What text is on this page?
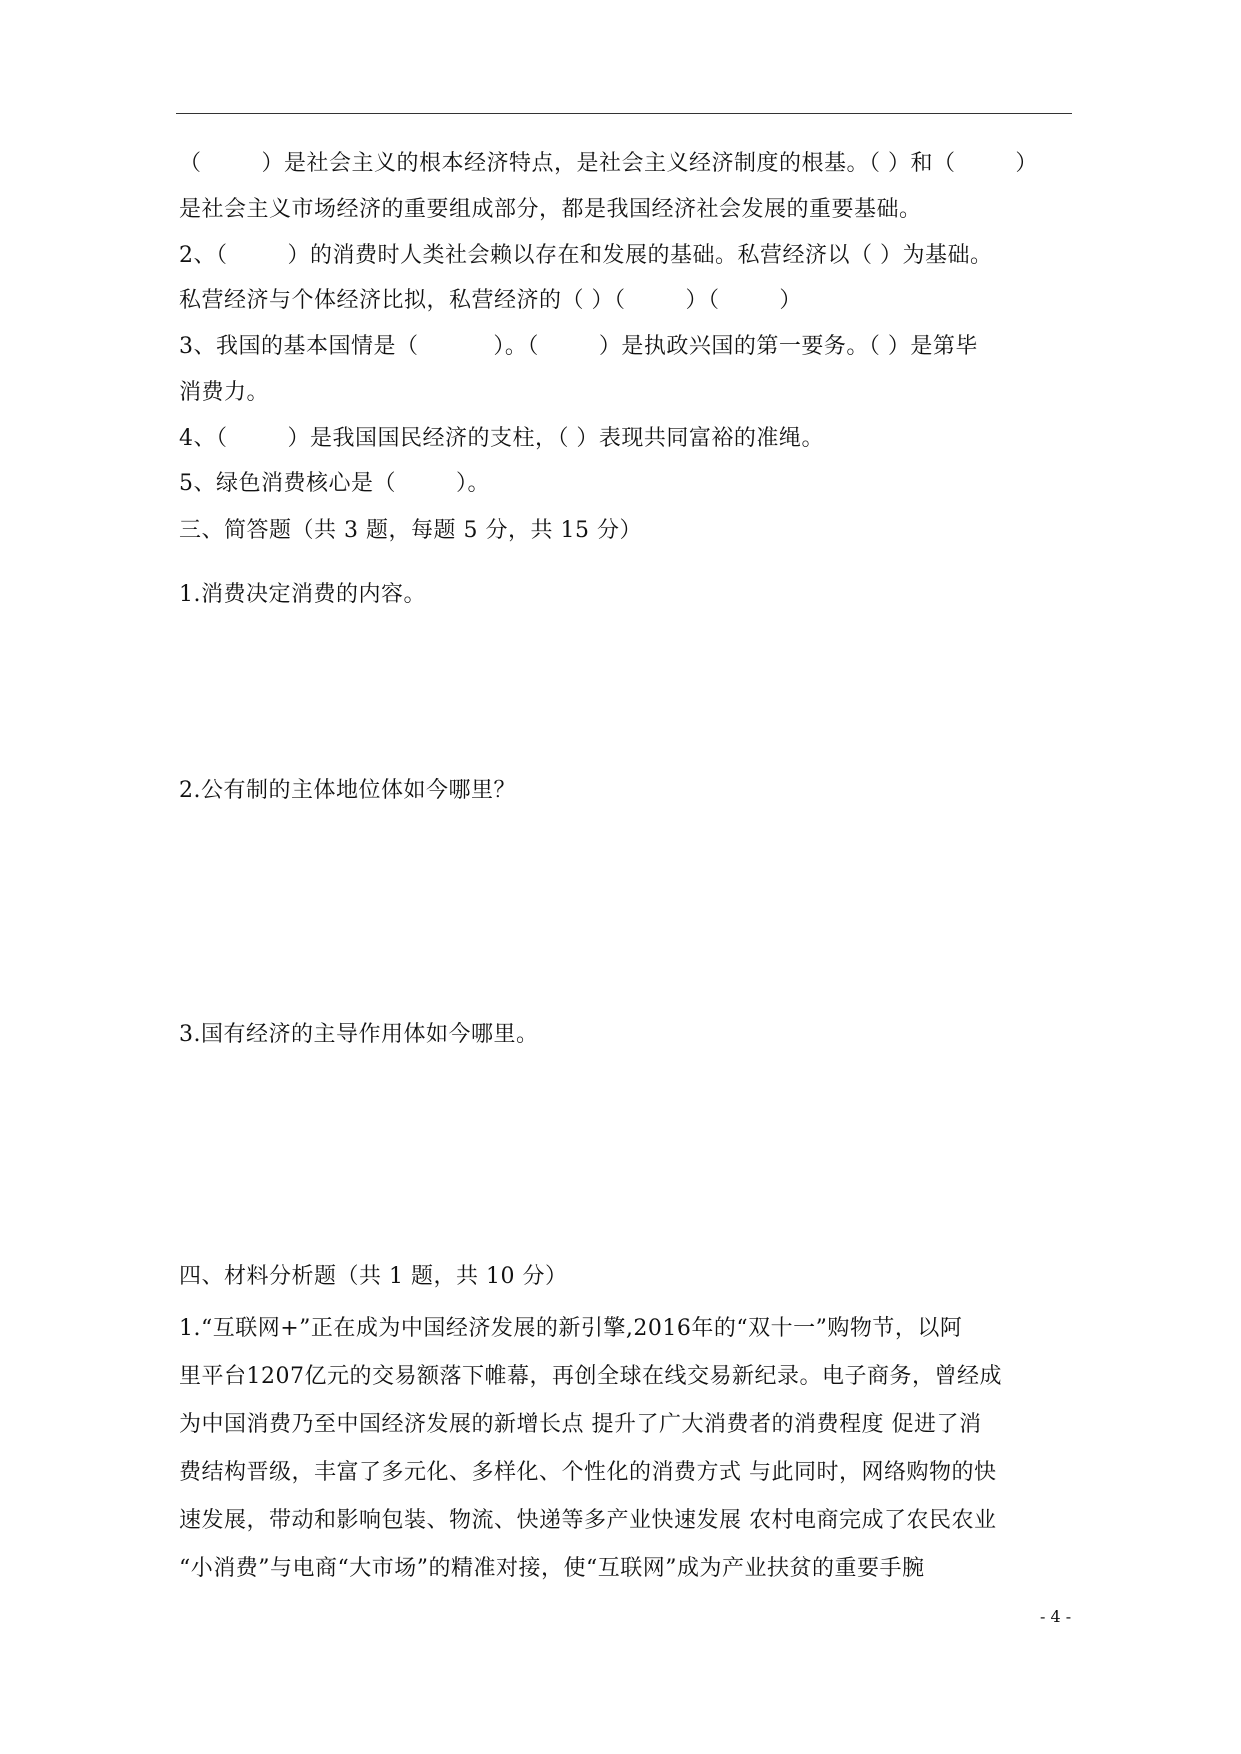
（        ）是社会主义的根本经济特点，是社会主义经济制度的根基。（ ）和（        ）
是社会主义市场经济的重要组成部分，都是我国经济社会发展的重要基础。
2、（        ）的消费时人类社会赖以存在和发展的基础。私营经济以（ ）为基础。
私营经济与个体经济比拟，私营经济的（ ）（        ）（        ）
3、我国的基本国情是（          ）。（        ）是执政兴国的第一要务。（ ）是第毕
消费力。
4、（        ）是我国国民经济的支柱，（ ）表现共同富裕的准绳。
5、绿色消费核心是（        ）。
三、简答题（共 3 题，每题 5 分，共 15 分）
1.消费决定消费的内容。
2.公有制的主体地位体如今哪里？
3.国有经济的主导作用体如今哪里。
四、材料分析题（共 1 题，共 10 分）
1.“互联网+”正在成为中国经济发展的新引擎,2016年的“双十一”购物节，以阿
里平台1207亿元的交易额落下帷幕，再创全球在线交易新纪录。电子商务，曾经成
为中国消费乃至中国经济发展的新增长点 提升了广大消费者的消费程度 促进了消
费结构晋级，丰富了多元化、多样化、个性化的消费方式 与此同时，网络购物的快
速发展，带动和影响包装、物流、快递等多产业快速发展 农村电商完成了农民农业
“小消费”与电商“大市场”的精准对接，使“互联网”成为产业扶贫的重要手腕
- 4 -
